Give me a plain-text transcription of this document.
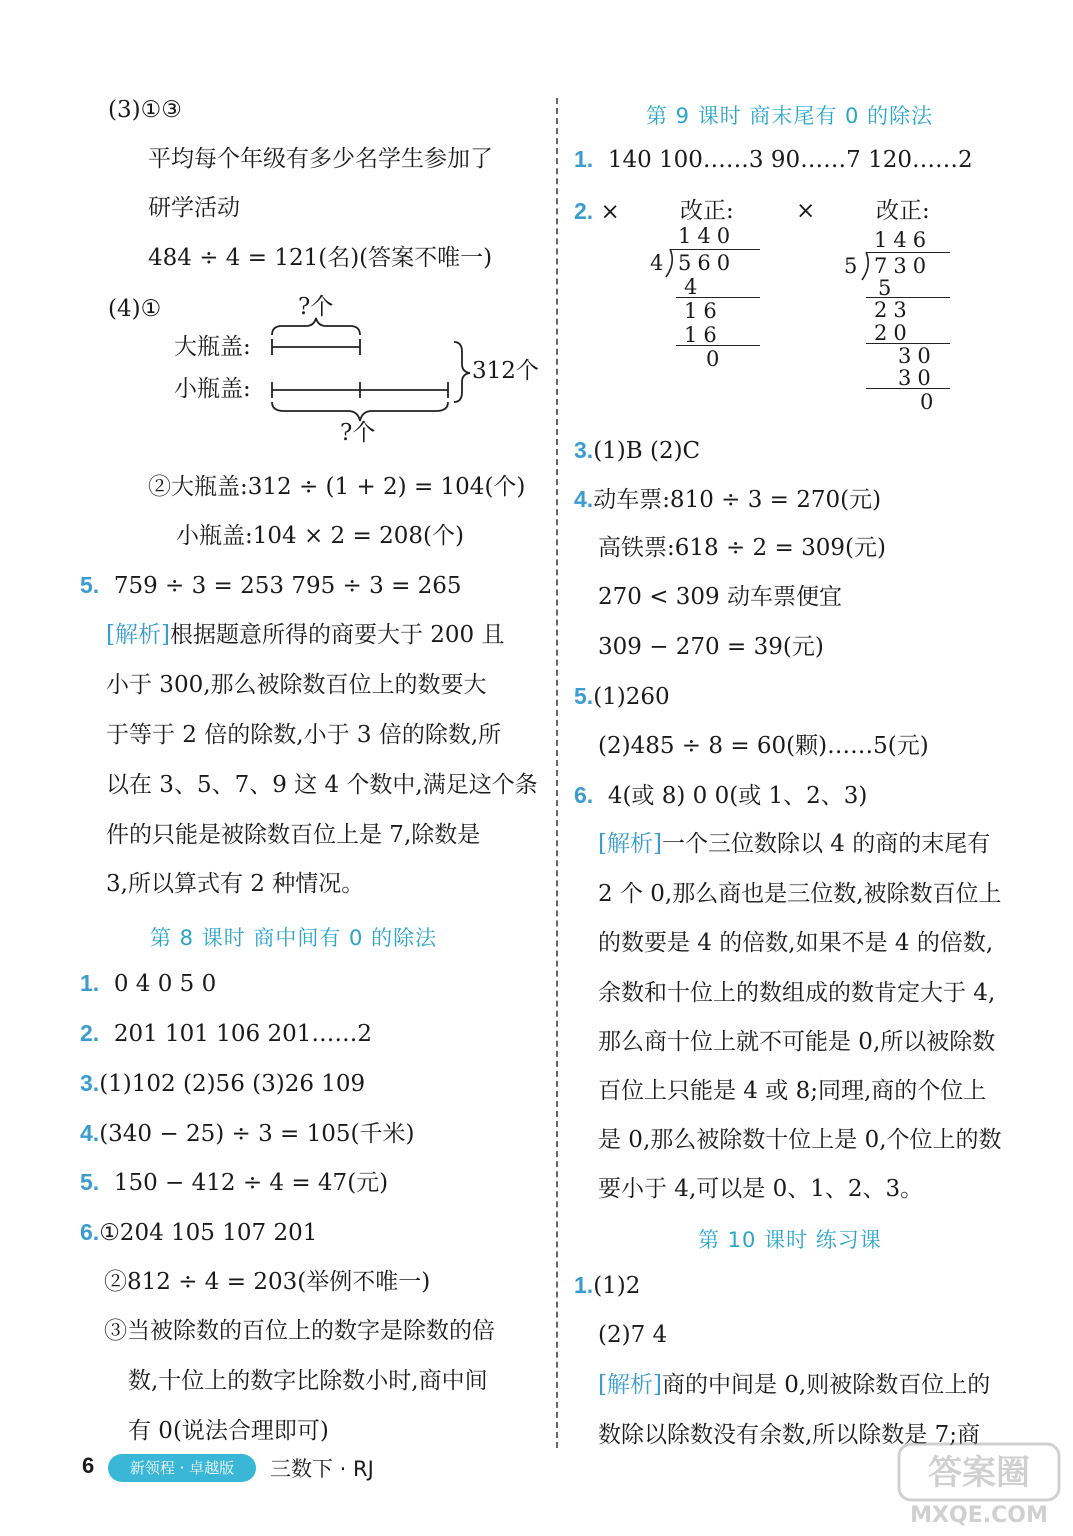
(3)①③
平均每个年级有多少名学生参加了
研学活动
484 ÷ 4 = 121(名)(答案不唯一)
(4)①	?个
大瓶盖:
小瓶盖:
312个
?个
②大瓶盖:312 ÷ (1 + 2) = 104(个)
小瓶盖:104 × 2 = 208(个)
5. 759 ÷ 3 = 253 795 ÷ 3 = 265
[解析]根据题意所得的商要大于 200 且
小于 300,那么被除数百位上的数要大
于等于 2 倍的除数,小于 3 倍的除数,所
以在 3、5、7、9 这 4 个数中,满足这个条
件的只能是被除数百位上是 7,除数是
3,所以算式有 2 种情况。
第 8 课时 商中间有 0 的除法
1. 0 4 0 5 0
2. 201 101 106 201……2
3.(1)102 (2)56 (3)26 109
4.(340 − 25) ÷ 3 = 105(千米)
5. 150 − 412 ÷ 4 = 47(元)
6.①204 105 107 201
②812 ÷ 4 = 203(举例不唯一)
③当被除数的百位上的数字是除数的倍
数,十位上的数字比除数小时,商中间
有 0(说法合理即可)
第 9 课时 商末尾有 0 的除法
1. 140 100……3 90……7 120……2
2. ×	改正:	×	改正:
140
4 560
4
16
16
0
146
5 730
5
23
20
30
30
0
3.(1)B (2)C
4.动车票:810 ÷ 3 = 270(元)
高铁票:618 ÷ 2 = 309(元)
270 < 309 动车票便宜
309 − 270 = 39(元)
5.(1)260
(2)485 ÷ 8 = 60(颗)……5(元)
6. 4(或 8) 0 0(或 1、2、3)
[解析]一个三位数除以 4 的商的末尾有
2 个 0,那么商也是三位数,被除数百位上
的数要是 4 的倍数,如果不是 4 的倍数,
余数和十位上的数组成的数肯定大于 4,
那么商十位上就不可能是 0,所以被除数
百位上只能是 4 或 8;同理,商的个位上
是 0,那么被除数十位上是 0,个位上的数
要小于 4,可以是 0、1、2、3。
第 10 课时 练习课
1.(1)2
(2)7 4
[解析]商的中间是 0,则被除数百位上的
数除以除数没有余数,所以除数是 7;商
6	新领程 · 卓越版	三数下 · RJ	答案圈
MXQE.COM
